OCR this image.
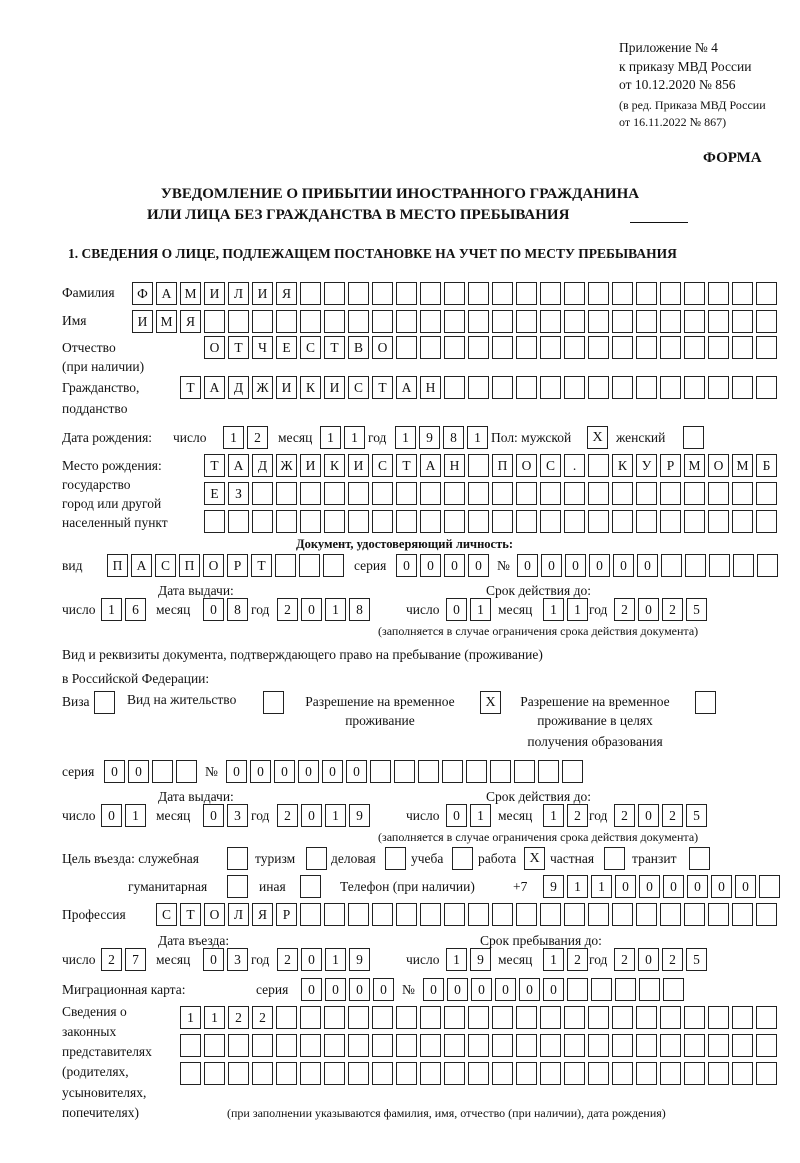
Приложение № 4
к приказу МВД России
от 10.12.2020 № 856
(в ред. Приказа МВД России
от 16.11.2022 № 867)
ФОРМА
УВЕДОМЛЕНИЕ О ПРИБЫТИИ ИНОСТРАННОГО ГРАЖДАНИНА
ИЛИ ЛИЦА БЕЗ ГРАЖДАНСТВА В МЕСТО ПРЕБЫВАНИЯ
1. СВЕДЕНИЯ О ЛИЦЕ, ПОДЛЕЖАЩЕМ ПОСТАНОВКЕ НА УЧЕТ ПО МЕСТУ ПРЕБЫВАНИЯ
Фамилия	Ф	А М И	Л	И	Я
Имя	И М Я
Отчество
(при наличии)
О	Т	Ч	Е	С	Т	В	О
Гражданство,
подданство
Т	А	Д Ж И	К	И	С	Т	А	Н
Дата рождения: число	1	2	месяц	1	1 год	1	9	8	1 Пол: мужской	X женский
Место рождения:
государство
город или другой
населенный пункт
Т	А	Д Ж И	К	И	С	Т	А	Н	П	О	С	.	К	У	Р	М О М	Б
Е	З
Документ, удостоверяющий личность:
вид	П	А	С	П	О	Р	Т	серия	0	0	0	0	№	0	0	0	0	0	0
Дата выдачи:	Срок действия до:
число 1	6	месяц	0	8 год	2	0	1	8	число	0	1	месяц	1	1 год	2	0	2	5
(заполняется в случае ограничения срока действия документа)
Вид и реквизиты документа, подтверждающего право на пребывание (проживание)
в Российской Федерации:
Виза	Вид на жительство	Разрешение на временное
проживание
X	Разрешение на временное
проживание в целях
получения образования
серия	0	0	№	0	0	0	0	0	0
Дата выдачи:	Срок действия до:
число 0	1	месяц	0	3 год	2	0	1	9	число	0	1	месяц	1	2 год	2	0	2	5
(заполняется в случае ограничения срока действия документа)
Цель въезда: служебная	туризм	деловая	учеба	работа X частная	транзит
гуманитарная	иная	Телефон (при наличии)	+7	9	1	1	0	0	0	0	0	0
Профессия	С	Т	О	Л	Я	Р
Дата въезда:	Срок пребывания до:
число 2	7	месяц	0	3 год	2	0	1	9	число	1	9	месяц	1	2 год	2	0	2	5
Миграционная карта:	серия	0	0	0	0	№	0	0	0	0	0	0
Сведения о
законных
представителях
(родителях,
усыновителях,
попечителях)
1	1	2	2
(при заполнении указываются фамилия, имя, отчество (при наличии), дата рождения)
